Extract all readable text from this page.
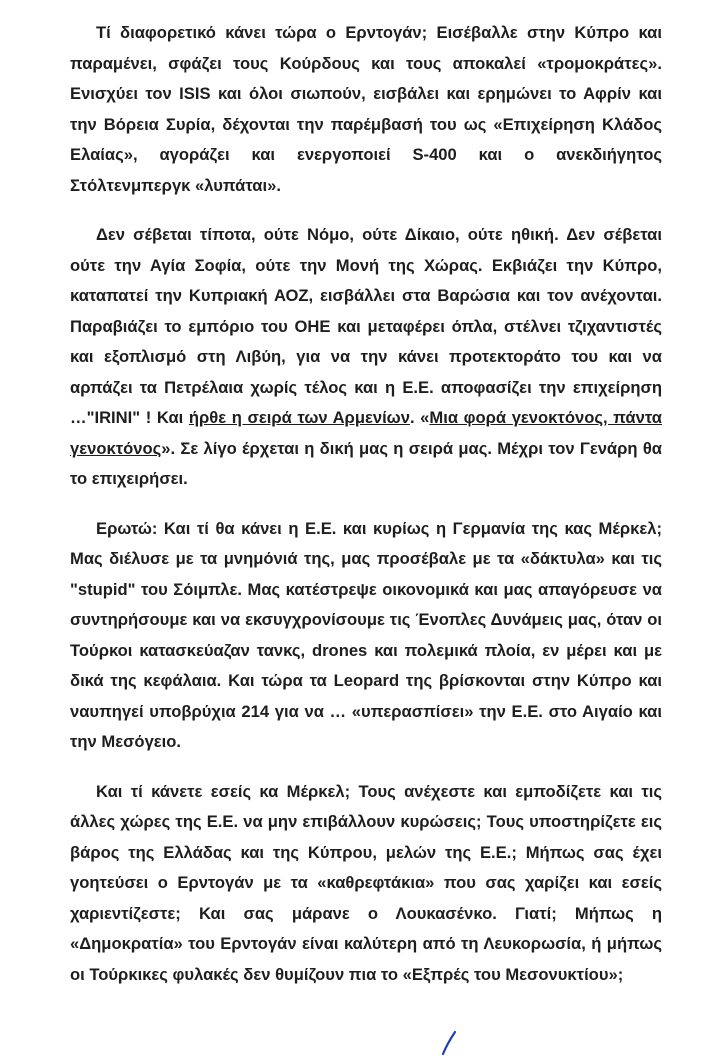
Τί διαφορετικό κάνει τώρα ο Ερντογάν; Εισέβαλλε στην Κύπρο και παραμένει, σφάζει τους Κούρδους και τους αποκαλεί «τρομοκράτες». Ενισχύει τον ISIS και όλοι σιωπούν, εισβάλει και ερημώνει το Αφρίν και την Βόρεια Συρία, δέχονται την παρέμβασή του ως «Επιχείρηση Κλάδος Ελαίας», αγοράζει και ενεργοποιεί S-400 και ο ανεκδιήγητος Στόλτενμπεργκ «λυπάται».

Δεν σέβεται τίποτα, ούτε Νόμο, ούτε Δίκαιο, ούτε ηθική. Δεν σέβεται ούτε την Αγία Σοφία, ούτε την Μονή της Χώρας. Εκβιάζει την Κύπρο, καταπατεί την Κυπριακή ΑΟΖ, εισβάλλει στα Βαρώσια και τον ανέχονται. Παραβιάζει το εμπόριο του ΟΗΕ και μεταφέρει όπλα, στέλνει τζιχαντιστές και εξοπλισμό στη Λιβύη, για να την κάνει προτεκτοράτο του και να αρπάζει τα Πετρέλαια χωρίς τέλος και η Ε.Ε. αποφασίζει την επιχείρηση …"IRINI" ! Και ήρθε η σειρά των Αρμενίων. «Μια φορά γενοκτόνος, πάντα γενοκτόνος». Σε λίγο έρχεται η δική μας η σειρά μας. Μέχρι τον Γενάρη θα το επιχειρήσει.

Ερωτώ: Και τί θα κάνει η Ε.Ε. και κυρίως η Γερμανία της κας Μέρκελ; Μας διέλυσε με τα μνημόνιά της, μας προσέβαλε με τα «δάκτυλα» και τις "stupid" του Σόιμπλε. Μας κατέστρεψε οικονομικά και μας απαγόρευσε να συντηρήσουμε και να εκσυγχρονίσουμε τις Ένοπλες Δυνάμεις μας, όταν οι Τούρκοι κατασκεύαζαν τανκς, drones και πολεμικά πλοία, εν μέρει και με δικά της κεφάλαια. Και τώρα τα Leopard της βρίσκονται στην Κύπρο και ναυπηγεί υποβρύχια 214 για να … «υπερασπίσει» την Ε.Ε. στο Αιγαίο και την Μεσόγειο.

Και τί κάνετε εσείς κα Μέρκελ; Τους ανέχεστε και εμποδίζετε και τις άλλες χώρες της Ε.Ε. να μην επιβάλλουν κυρώσεις; Τους υποστηρίζετε εις βάρος της Ελλάδας και της Κύπρου, μελών της Ε.Ε.; Μήπως σας έχει γοητεύσει ο Ερντογάν με τα «καθρεφτάκια» που σας χαρίζει και εσείς χαριεντίζεστε; Και σας μάρανε ο Λουκασένκο. Γιατί; Μήπως η «Δημοκρατία» του Ερντογάν είναι καλύτερη από τη Λευκορωσία, ή μήπως οι Τούρκικες φυλακές δεν θυμίζουν πια το «Εξπρές του Μεσονυκτίου»;
